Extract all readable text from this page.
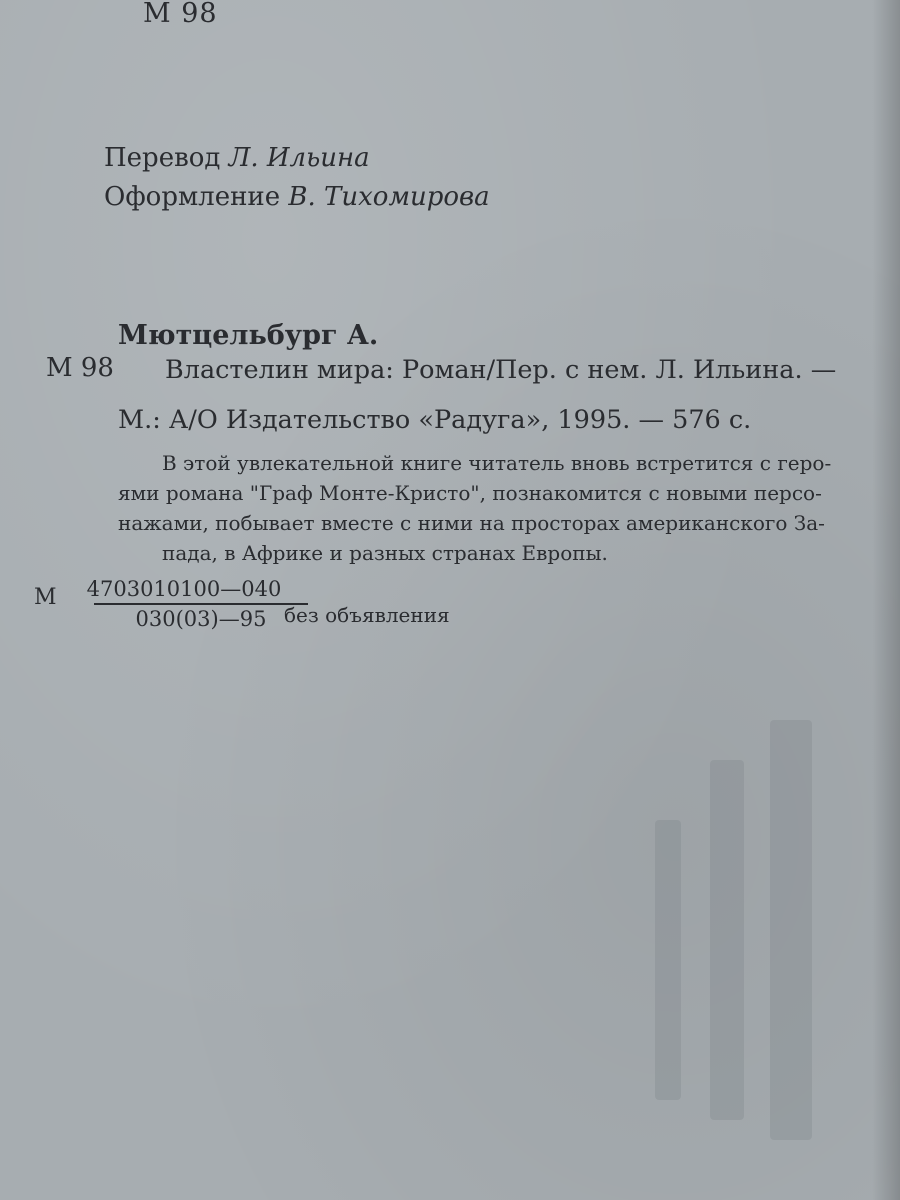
М 98
Перевод Л. Ильина
Оформление В. Тихомирова
Мютцельбург А.
М 98 Властелин мира: Роман/Пер. с нем. Л. Ильина. —
М.: А/О Издательство «Радуга», 1995. — 576 с.
В этой увлекательной книге читатель вновь встретится с геро-
ями романа "Граф Монте-Кристо", познакомится с новыми персо-
нажами, побывает вместе с ними на просторах американского За-
пада, в Африке и разных странах Европы.
М	4703010100—040
030(03)—95 без объявления
